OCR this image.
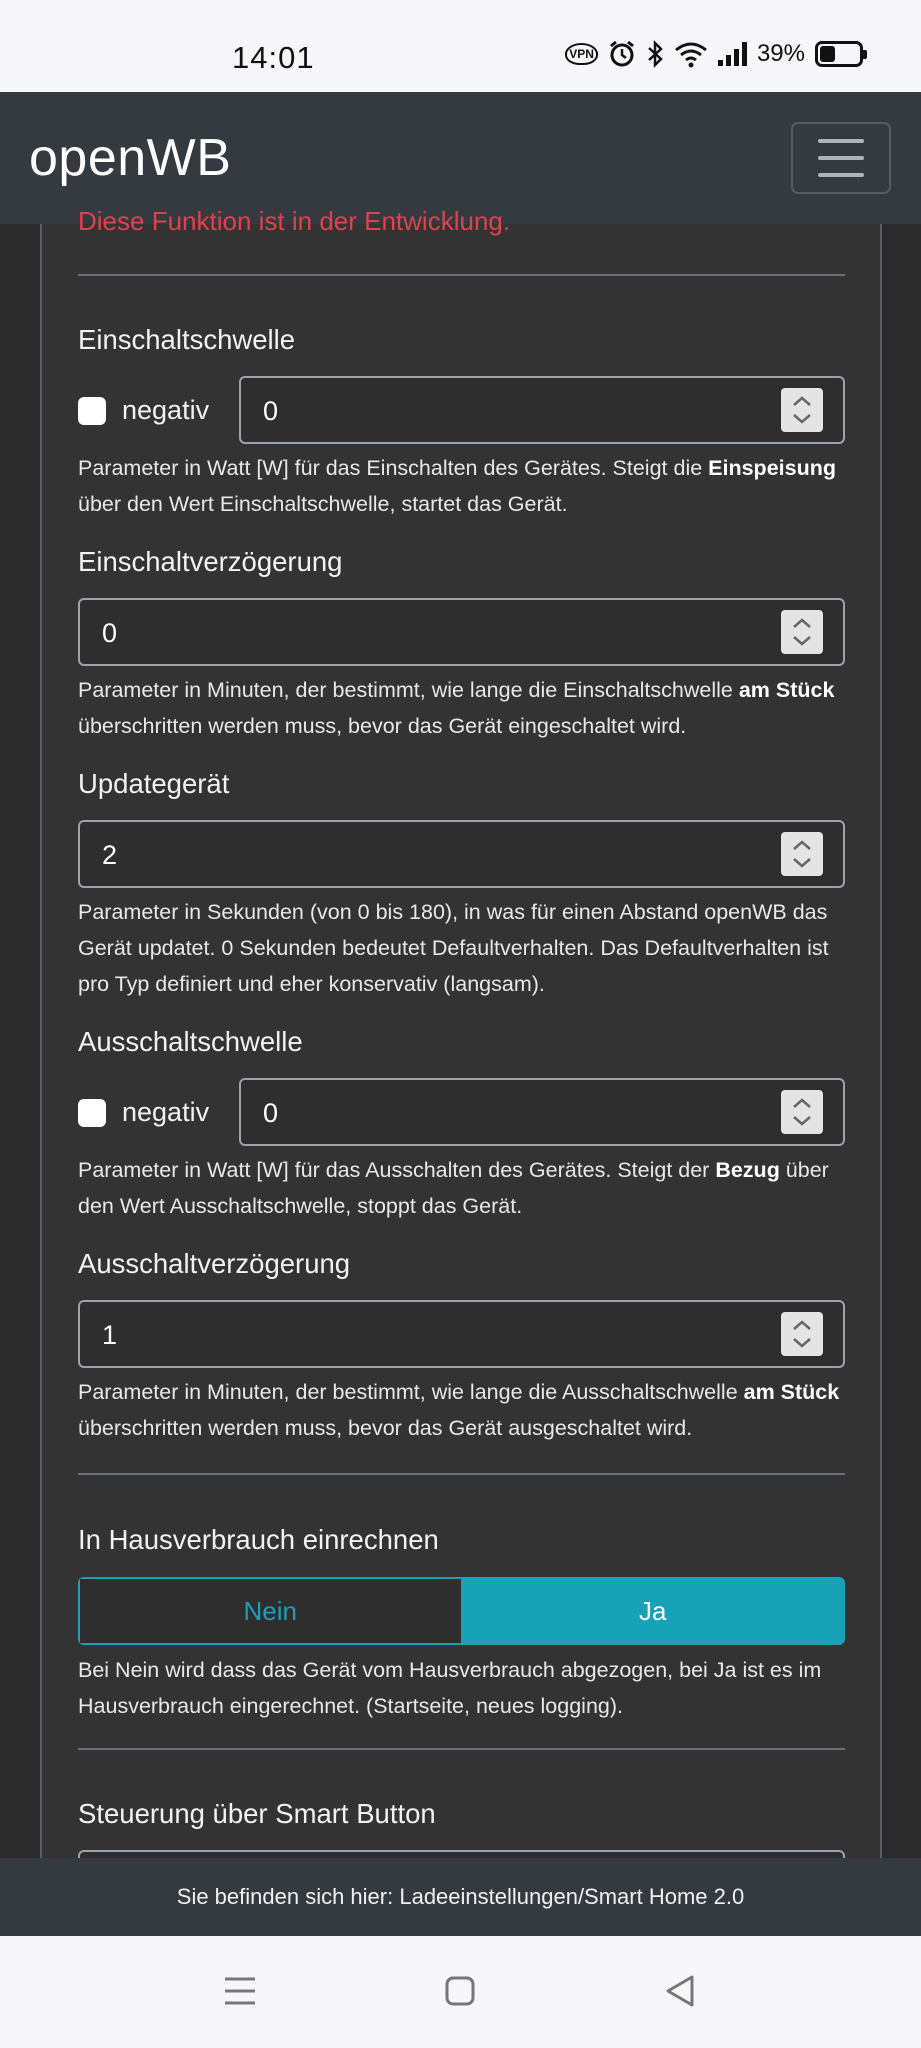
14:01	VPN	39%
openWB
Diese Funktion ist in der Entwicklung.
Einschaltschwelle
negativ 0
Parameter in Watt [W] für das Einschalten des Gerätes. Steigt die Einspeisung über den Wert Einschaltschwelle, startet das Gerät.
Einschaltverzögerung
0
Parameter in Minuten, der bestimmt, wie lange die Einschaltschwelle am Stück überschritten werden muss, bevor das Gerät eingeschaltet wird.
Updategerät
2
Parameter in Sekunden (von 0 bis 180), in was für einen Abstand openWB das Gerät updatet. 0 Sekunden bedeutet Defaultverhalten. Das Defaultverhalten ist pro Typ definiert und eher konservativ (langsam).
Ausschaltschwelle
negativ 0
Parameter in Watt [W] für das Ausschalten des Gerätes. Steigt der Bezug über den Wert Ausschaltschwelle, stoppt das Gerät.
Ausschaltverzögerung
1
Parameter in Minuten, der bestimmt, wie lange die Ausschaltschwelle am Stück überschritten werden muss, bevor das Gerät ausgeschaltet wird.
In Hausverbrauch einrechnen
Nein	Ja
Bei Nein wird dass das Gerät vom Hausverbrauch abgezogen, bei Ja ist es im Hausverbrauch eingerechnet. (Startseite, neues logging).
Steuerung über Smart Button
Sie befinden sich hier: Ladeeinstellungen/Smart Home 2.0
